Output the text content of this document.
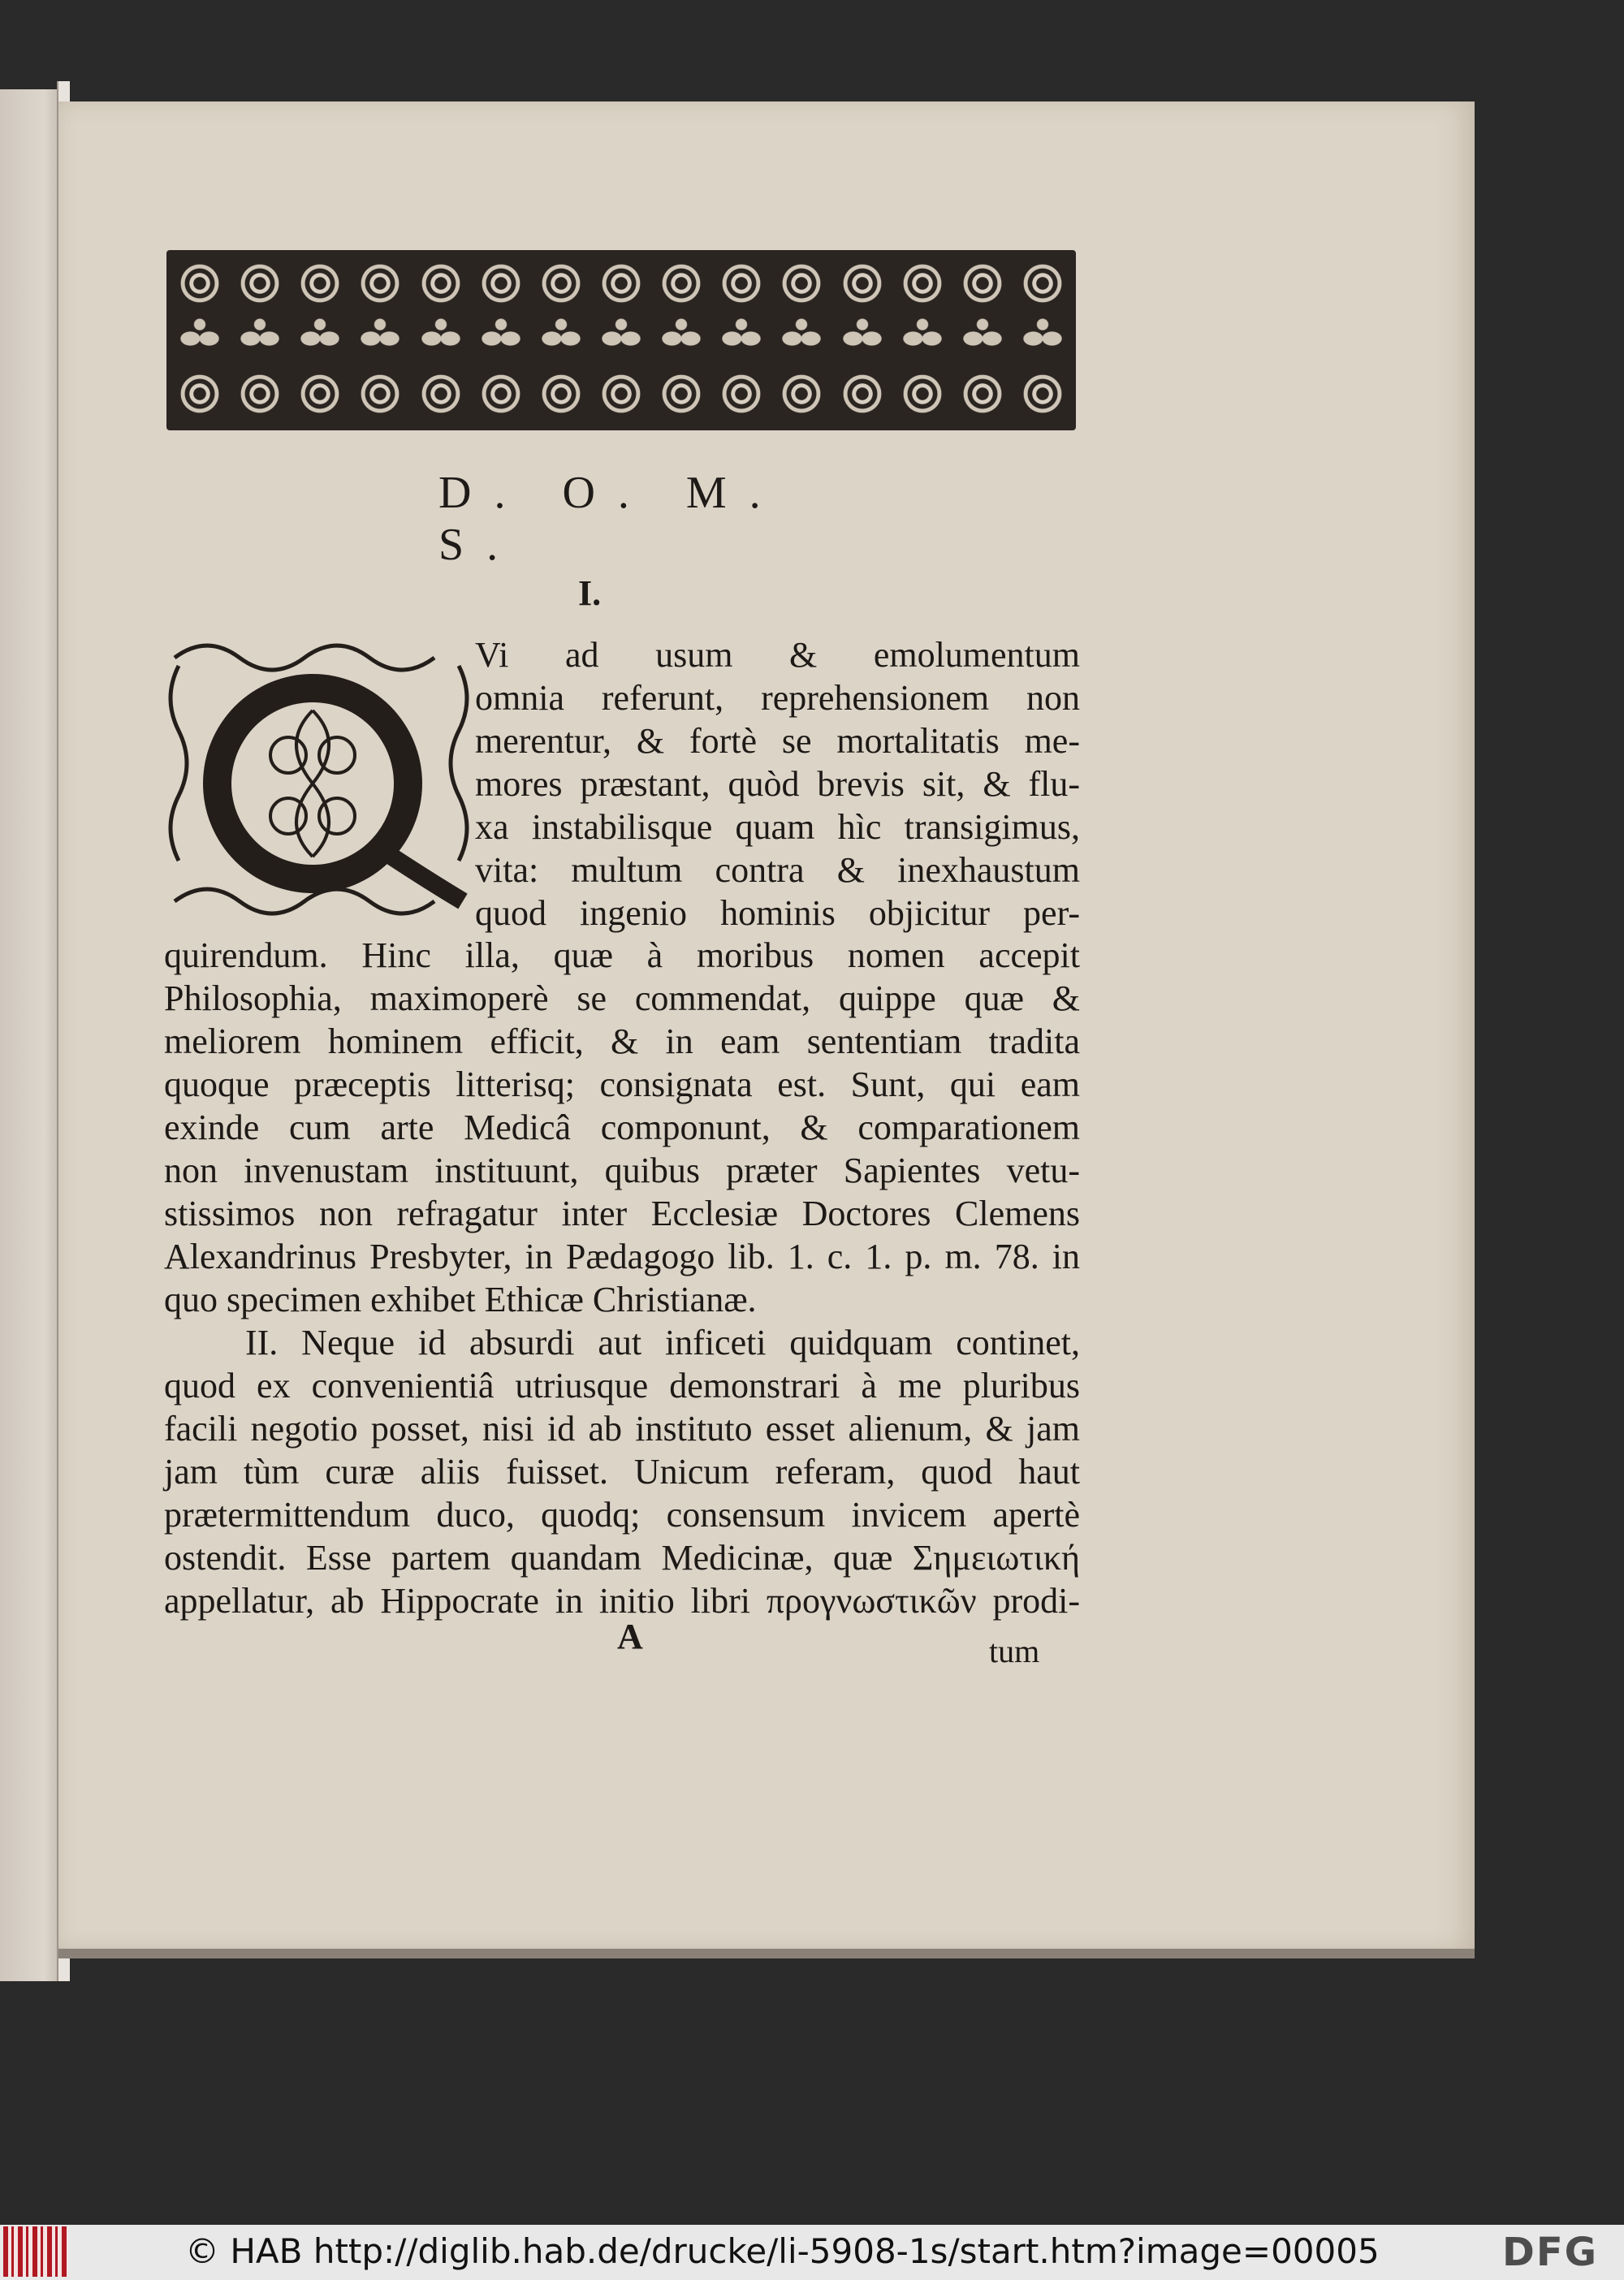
D. O. M. S.
I.
Vi ad usum & emolumentum
omnia referunt, reprehensionem non
merentur, & fortè se mortalitatis me-
mores præstant, quòd brevis sit, & flu-
xa instabilisque quam hìc transigimus,
vita: multum contra & inexhaustum
quod ingenio hominis objicitur per-
quirendum. Hinc illa, quæ à moribus nomen accepit
Philosophia, maximoperè se commendat, quippe quæ &
meliorem hominem efficit, & in eam sententiam tradita
quoque præceptis litterisq; consignata est. Sunt, qui eam
exinde cum arte Medicâ componunt, & comparationem
non invenustam instituunt, quibus præter Sapientes vetu-
stissimos non refragatur inter Ecclesiæ Doctores Clemens
Alexandrinus Presbyter, in Pædagogo lib. 1. c. 1. p. m. 78. in
quo specimen exhibet Ethicæ Christianæ.
II. Neque id absurdi aut inficeti quidquam continet,
quod ex convenientiâ utriusque demonstrari à me pluribus
facili negotio posset, nisi id ab instituto esset alienum, & jam
jam tùm curæ aliis fuisset. Unicum referam, quod haut
prætermittendum duco, quodq; consensum invicem apertè
ostendit. Esse partem quandam Medicinæ, quæ Σημειωτική
appellatur, ab Hippocrate in initio libri προγνωστικῶν prodi-
A	tum
© HAB http://diglib.hab.de/drucke/li-5908-1s/start.htm?image=00005	DFG
